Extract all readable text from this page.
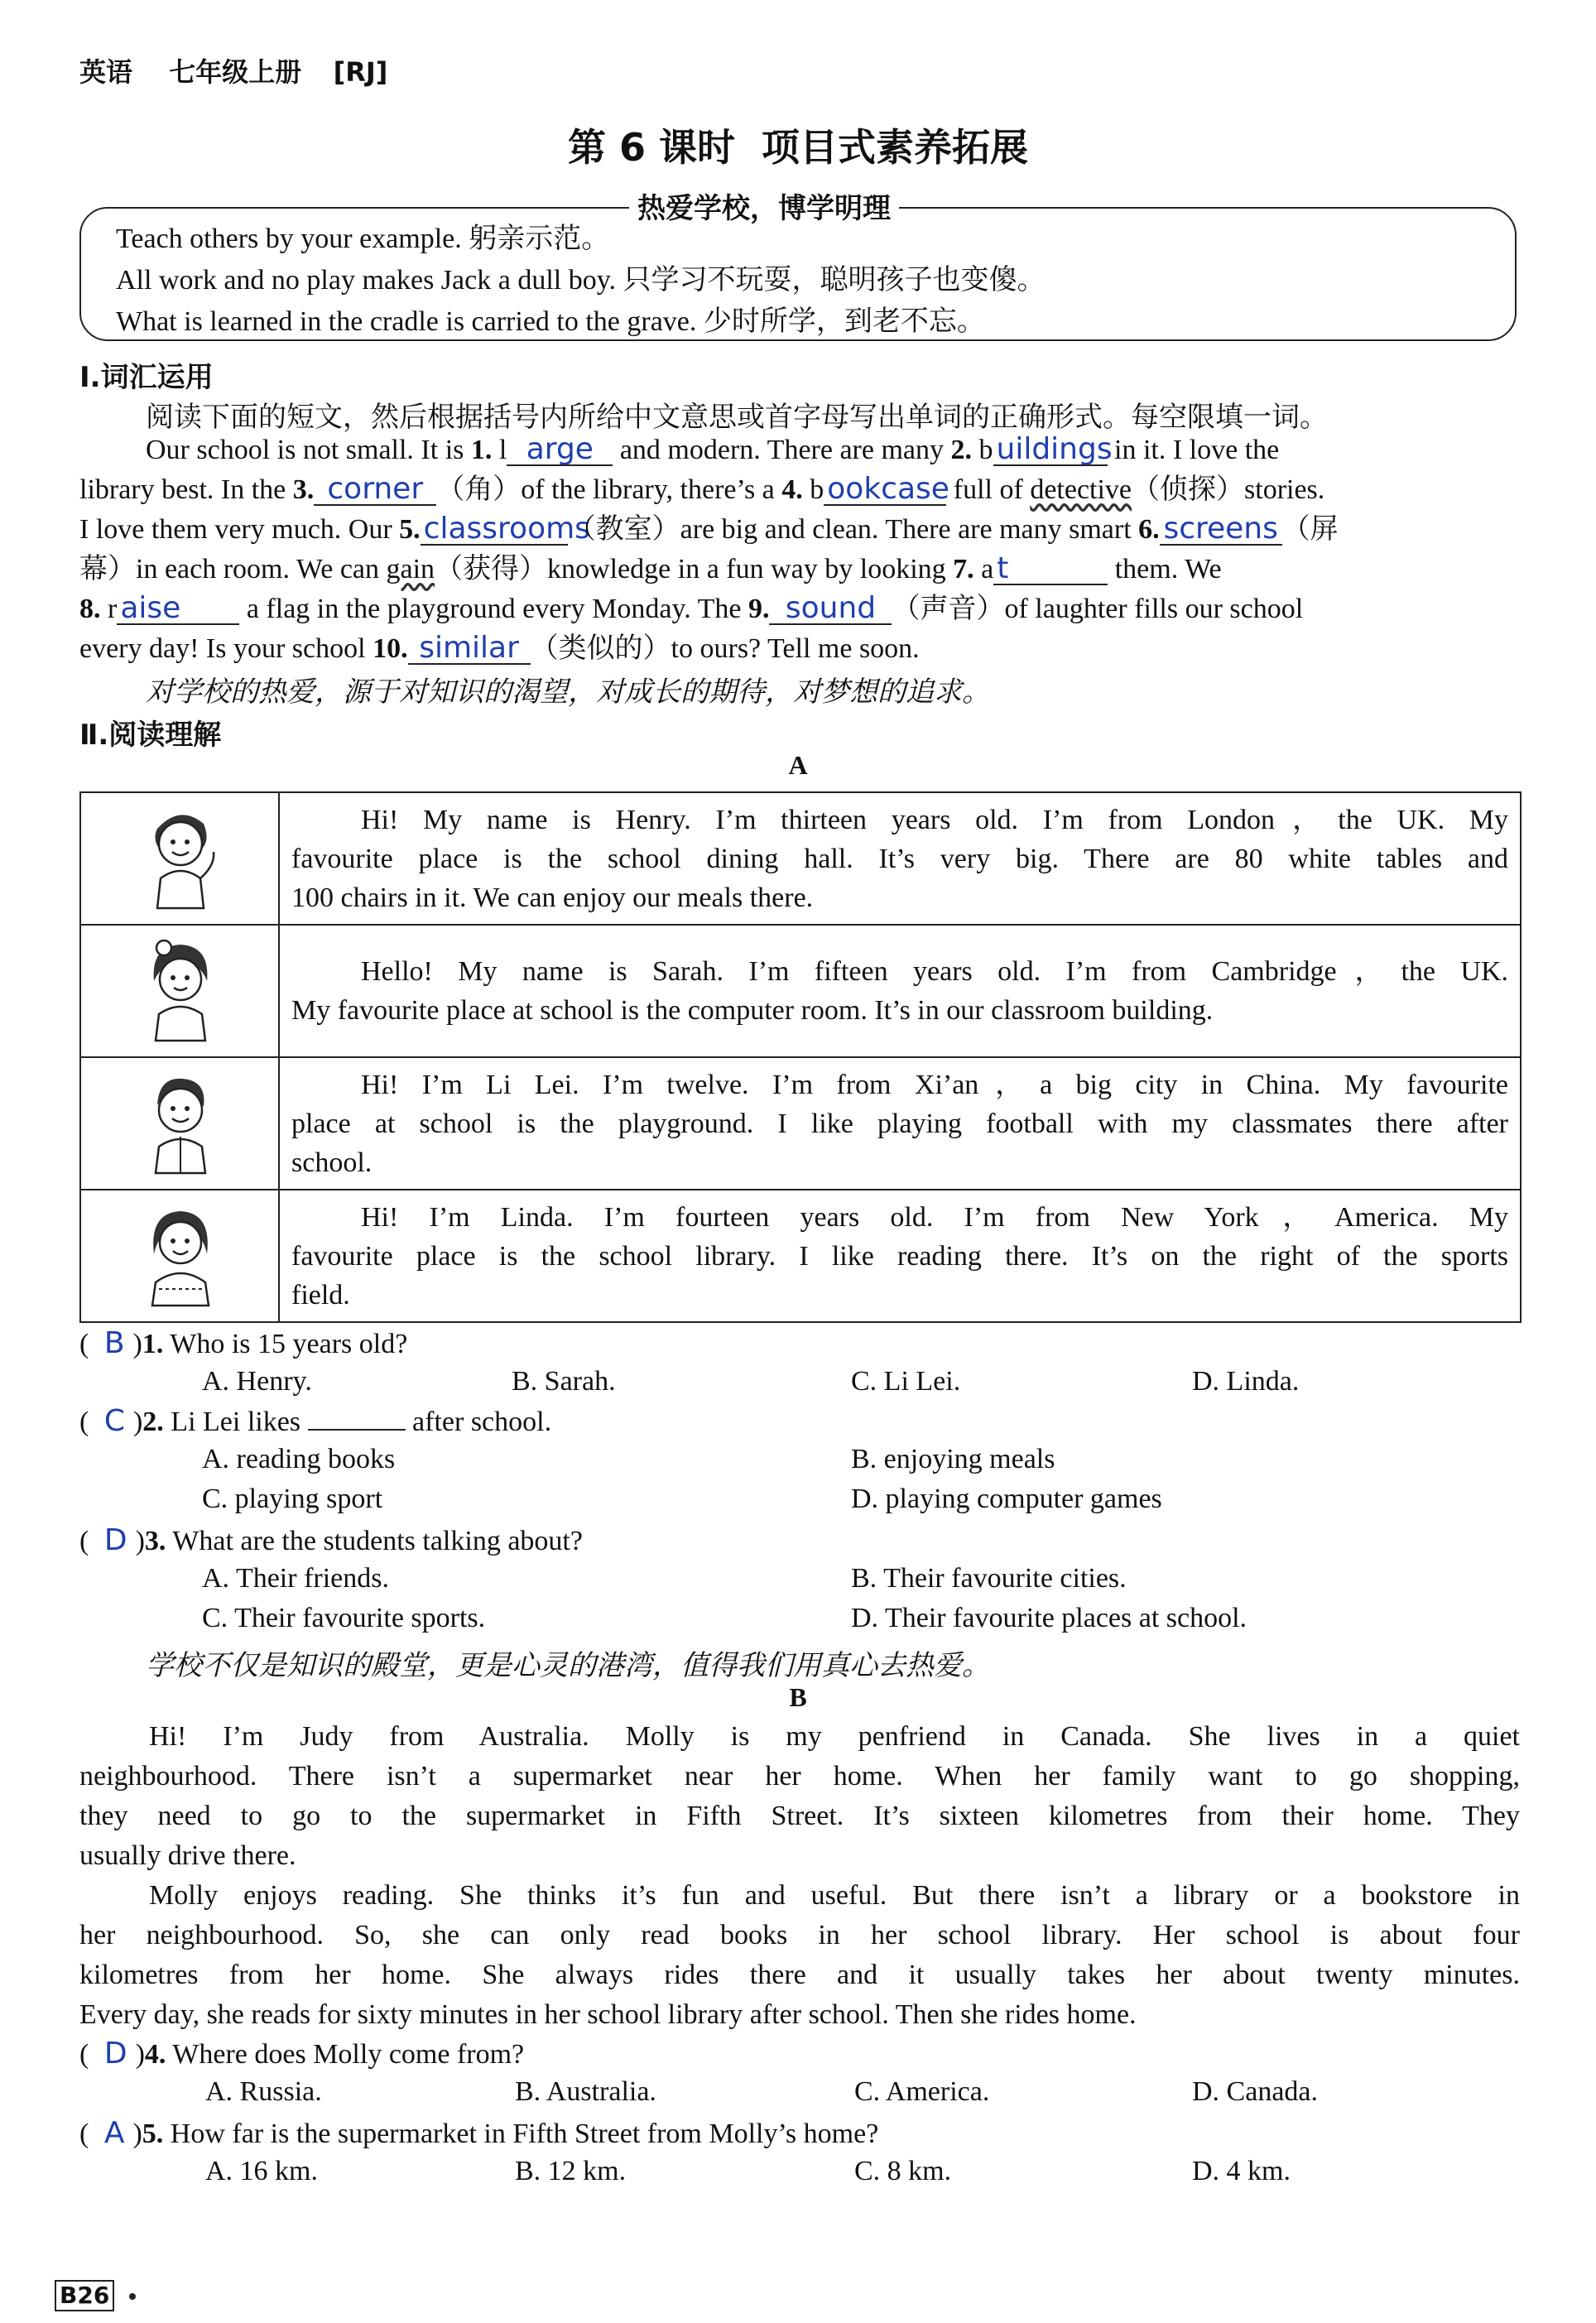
英语 七年级上册 [RJ]
第 6 课时  项目式素养拓展
热爱学校，博学明理
Teach others by your example. 躬亲示范。
All work and no play makes Jack a dull boy. 只学习不玩耍，聪明孩子也变傻。
What is learned in the cradle is carried to the grave. 少时所学，到老不忘。
Ⅰ.词汇运用
阅读下面的短文，然后根据括号内所给中文意思或首字母写出单词的正确形式。每空限填一词。
Our school is not small. It is 1. l arge and modern. There are many 2. b uildings in it. I love the
library best. In the 3. corner （角）of the library, there’s a 4. b ookcase full of detective（侦探）stories.
I love them very much. Our 5. classrooms（教室）are big and clean. There are many smart 6. screens （屏
幕）in each room. We can gain（获得）knowledge in a fun way by looking 7. a t	them. We
8. r aise a flag in the playground every Monday. The 9. sound （声音）of laughter fills our school
every day! Is your school 10. similar （类似的）to ours? Tell me soon.
对学校的热爱，源于对知识的渴望，对成长的期待，对梦想的追求。
Ⅱ.阅读理解
A

Hi! My name is Henry. I’m thirteen years old. I’m from London，the UK. My
favourite place is the school dining hall. It’s very big. There are 80 white tables and
100 chairs in it. We can enjoy our meals there.

Hello! My name is Sarah. I’m fifteen years old. I’m from Cambridge，the UK.
My favourite place at school is the computer room. It’s in our classroom building.

Hi! I’m Li Lei. I’m twelve. I’m from Xi’an，a big city in China. My favourite
place at school is the playground. I like playing football with my classmates there after
school.

Hi! I’m Linda. I’m fourteen years old. I’m from New York，America. My
favourite place is the school library. I like reading there. It’s on the right of the sports
field.
( B )1. Who is 15 years old?
A. Henry.	B. Sarah.	C. Li Lei.	D. Linda.
( C )2. Li Lei likes	after school.
A. reading books	B. enjoying meals
C. playing sport	D. playing computer games
( D )3. What are the students talking about?
A. Their friends.	B. Their favourite cities.
C. Their favourite sports.	D. Their favourite places at school.
学校不仅是知识的殿堂，更是心灵的港湾，值得我们用真心去热爱。
B
Hi! I’m Judy from Australia. Molly is my penfriend in Canada. She lives in a quiet
neighbourhood. There isn’t a supermarket near her home. When her family want to go shopping,
they need to go to the supermarket in Fifth Street. It’s sixteen kilometres from their home. They
usually drive there.
Molly enjoys reading. She thinks it’s fun and useful. But there isn’t a library or a bookstore in
her neighbourhood. So, she can only read books in her school library. Her school is about four
kilometres from her home. She always rides there and it usually takes her about twenty minutes.
Every day, she reads for sixty minutes in her school library after school. Then she rides home.
( D )4. Where does Molly come from?
A. Russia.	B. Australia.	C. America.	D. Canada.
( A )5. How far is the supermarket in Fifth Street from Molly’s home?
A. 16 km.	B. 12 km.	C. 8 km.	D. 4 km.
B26
